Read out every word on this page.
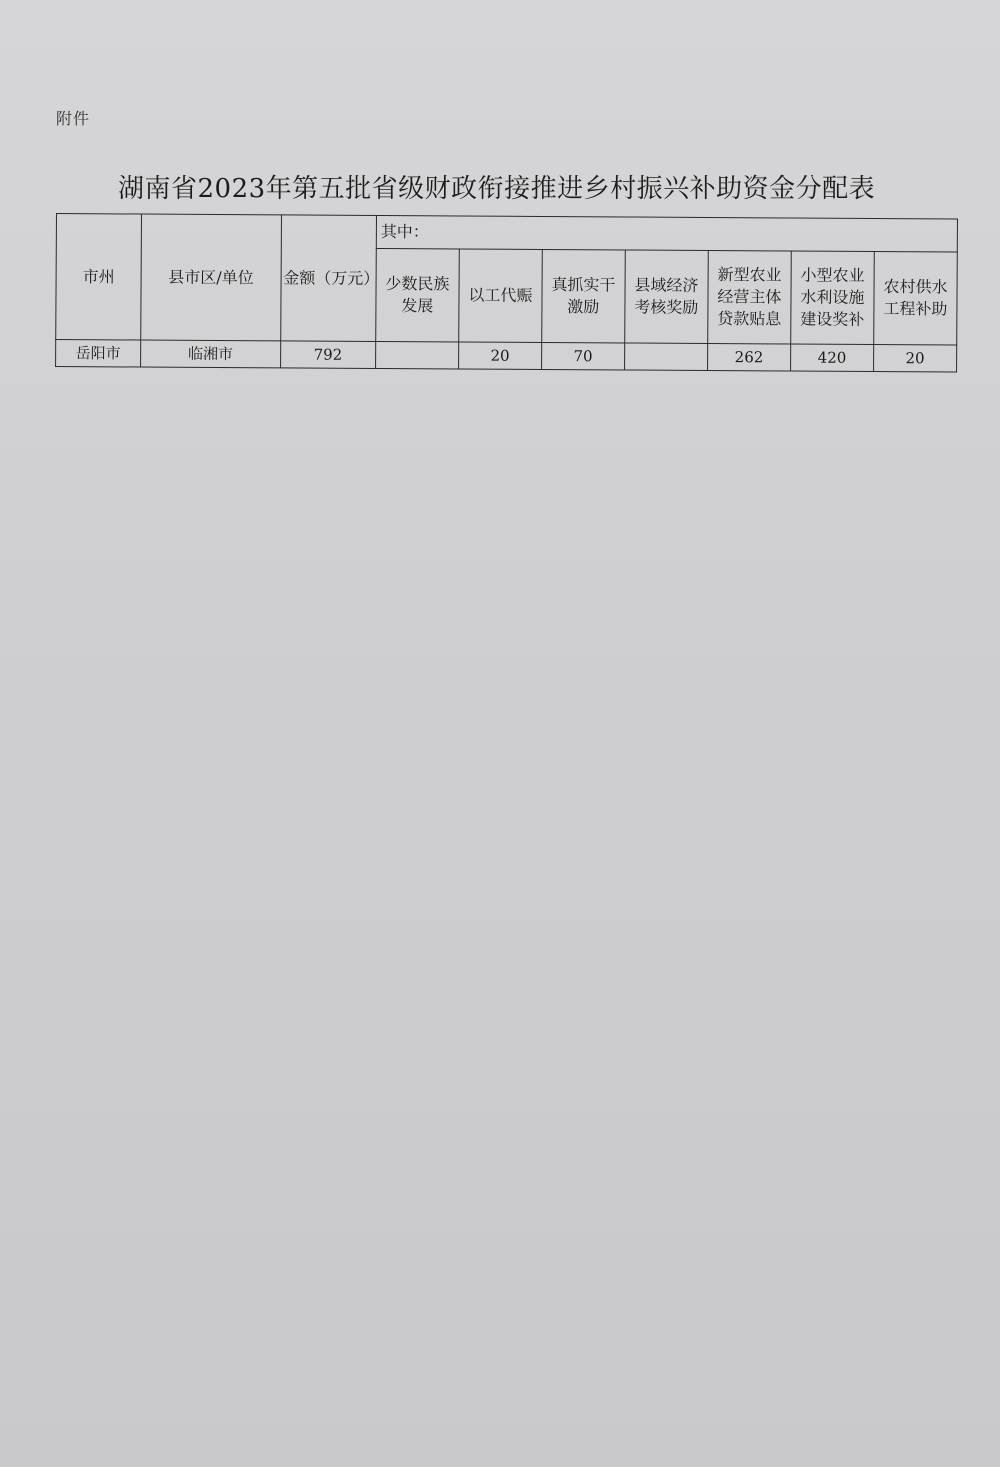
附件
湖南省2023年第五批省级财政衔接推进乡村振兴补助资金分配表
市州	县市区/单位	金额（万元）	其中：						
			少数民族发展	以工代赈	真抓实干激励	县域经济考核奖励	新型农业经营主体贷款贴息	小型农业水利设施建设奖补	农村供水工程补助
岳阳市	临湘市	792		20	70		262	420	20
